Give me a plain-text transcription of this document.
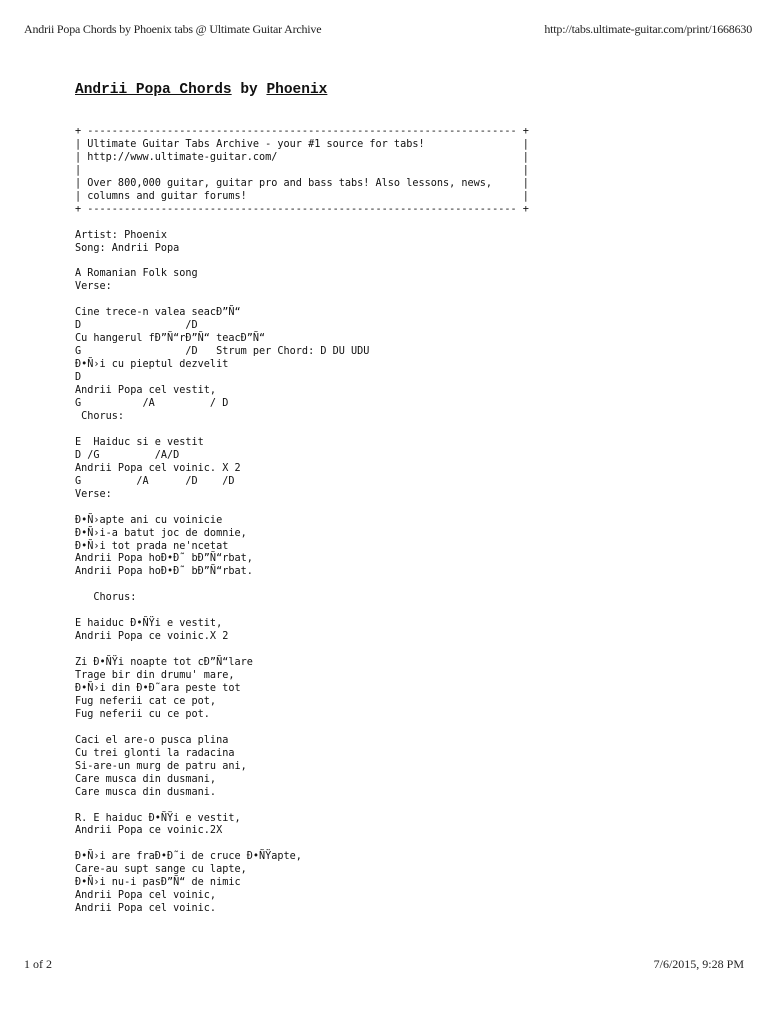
Andrii Popa Chords by Phoenix tabs @ Ultimate Guitar Archive	http://tabs.ultimate-guitar.com/print/1668630
Andrii Popa Chords by Phoenix
+ ---------------------------------------------------------------------- +
| Ultimate Guitar Tabs Archive - your #1 source for tabs!                |
| http://www.ultimate-guitar.com/                                        |
|                                                                        |
| Over 800,000 guitar, guitar pro and bass tabs! Also lessons, news,     |
| columns and guitar forums!                                             |
+ ---------------------------------------------------------------------- +

Artist: Phoenix
Song: Andrii Popa

A Romanian Folk song
Verse:

Cine trece-n valea seacÐ”Ñ“
D                 /D
Cu hangerul fÐ”Ñ“rÐ”Ñ“ teacÐ”Ñ“
G                 /D   Strum per Chord: D DU UDU
Ð•Ñ›i cu pieptul dezvelit
D
Andrii Popa cel vestit,
G          /A         / D
Chorus:

E  Haiduc si e vestit
D /G         /A/D
Andrii Popa cel voinic. X 2
G         /A      /D    /D
Verse:

Ð•Ñ›apte ani cu voinicie
Ð•Ñ›i-a batut joc de domnie,
Ð•Ñ›i tot prada ne'ncetat
Andrii Popa hoÐ•Ð˜ bÐ”Ñ“rbat,
Andrii Popa hoÐ•Ð˜ bÐ”Ñ“rbat.

Chorus:

E haiduc Ð•ÑŸi e vestit,
Andrii Popa ce voinic.X 2

Zi Ð•ÑŸi noapte tot cÐ”Ñ“lare
Trage bir din drumu' mare,
Ð•Ñ›i din Ð•Ð˜ara peste tot
Fug neferii cat ce pot,
Fug neferii cu ce pot.

Caci el are-o pusca plina
Cu trei glonti la radacina
Si-are-un murg de patru ani,
Care musca din dusmani,
Care musca din dusmani.

R. E haiduc Ð•ÑŸi e vestit,
Andrii Popa ce voinic.2X

Ð•Ñ›i are fraÐ•Ð˜i de cruce Ð•ÑŸapte,
Care-au supt sange cu lapte,
Ð•Ñ›i nu-i pasÐ”Ñ“ de nimic
Andrii Popa cel voinic,
Andrii Popa cel voinic.

1 of 2	7/6/2015, 9:28 PM
